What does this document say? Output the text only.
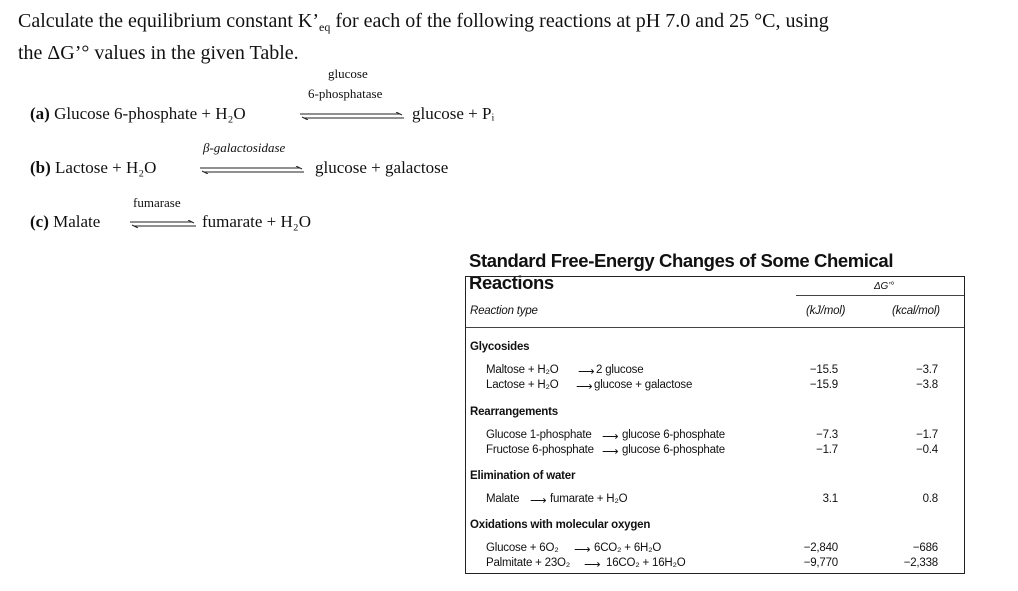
Calculate the equilibrium constant $K’_{eq}$ for each of the following reactions at pH 7.0 and 25 °C, using
the ΔG’° values in the given Table.
glucose
6-phosphatase
(a) Glucose 6-phosphate + H₂O	glucose + Pᵢ
β-galactosidase
(b) Lactose + H₂O	glucose + galactose
fumarase
(c) Malate	fumarate + H₂O
Standard Free-Energy Changes of Some Chemical Reactions	ΔG’°
Reaction type	(kJ/mol)	(kcal/mol)
Glycosides
Maltose + H₂O ⟶ 2 glucose	−15.5	−3.7
Lactose + H₂O ⟶ glucose + galactose	−15.9	−3.8
Rearrangements
Glucose 1-phosphate ⟶ glucose 6-phosphate	−7.3	−1.7
Fructose 6-phosphate ⟶ glucose 6-phosphate	−1.7	−0.4
Elimination of water
Malate ⟶ fumarate + H₂O	3.1	0.8
Oxidations with molecular oxygen
Glucose + 6O₂ ⟶ 6CO₂ + 6H₂O	−2,840	−686
Palmitate + 23O₂ ⟶ 16CO₂ + 16H₂O	−9,770	−2,338
